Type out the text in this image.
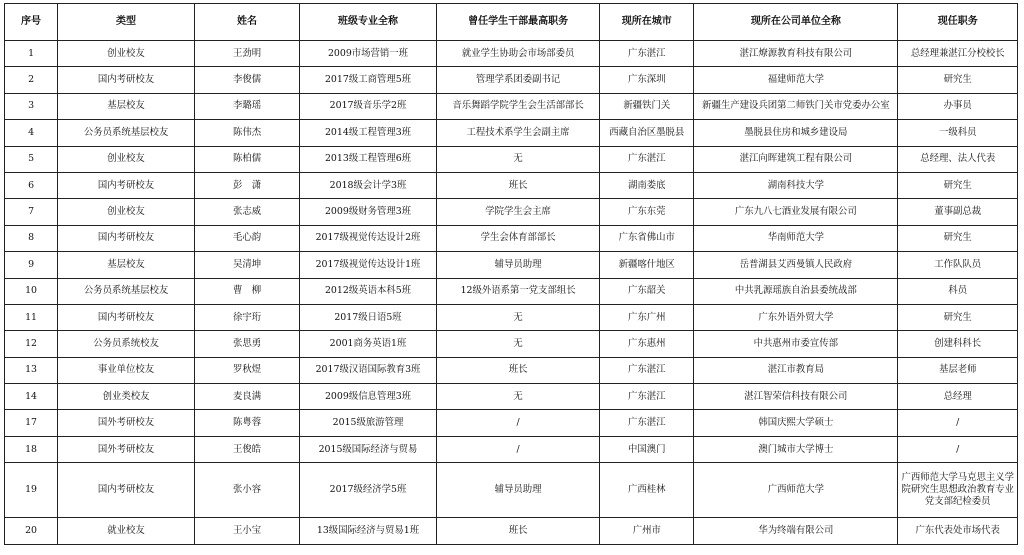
序号	类型	姓名	班级专业全称	曾任学生干部最高职务	现所在城市	现所在公司单位全称	现任职务
1	创业校友	王劲明	2009市场营销一班	就业学生协助会市场部委员	广东湛江	湛江燎源教育科技有限公司	总经理兼湛江分校校长
2	国内考研校友	李俊儒	2017级工商管理5班	管理学系团委副书记	广东深圳	福建师范大学	研究生
3	基层校友	李璐瑶	2017级音乐学2班	音乐舞蹈学院学生会生活部部长	新疆铁门关	新疆生产建设兵团第二师铁门关市党委办公室	办事员
4	公务员系统基层校友	陈伟杰	2014级工程管理3班	工程技术系学生会副主席	西藏自治区墨脱县	墨脱县住房和城乡建设局	一级科员
5	创业校友	陈柏儒	2013级工程管理6班	无	广东湛江	湛江向晖建筑工程有限公司	总经理、法人代表
6	国内考研校友	彭　潇	2018级会计学3班	班长	湖南娄底	湖南科技大学	研究生
7	创业校友	张志威	2009级财务管理3班	学院学生会主席	广东东莞	广东九八七酒业发展有限公司	董事副总裁
8	国内考研校友	毛心韵	2017级视觉传达设计2班	学生会体育部部长	广东省佛山市	华南师范大学	研究生
9	基层校友	吴清坤	2017级视觉传达设计1班	辅导员助理	新疆喀什地区	岳普湖县艾西曼镇人民政府	工作队队员
10	公务员系统基层校友	曹　柳	2012级英语本科5班	12级外语系第一党支部组长	广东韶关	中共乳源瑶族自治县委统战部	科员
11	国内考研校友	徐宇珩	2017级日语5班	无	广东广州	广东外语外贸大学	研究生
12	公务员系统校友	张思勇	2001商务英语1班	无	广东惠州	中共惠州市委宣传部	创建科科长
13	事业单位校友	罗秋煜	2017级汉语国际教育3班	班长	广东湛江	湛江市教育局	基层老师
14	创业类校友	麦良满	2009级信息管理3班	无	广东湛江	湛江智荣信科技有限公司	总经理
17	国外考研校友	陈粤蓉	2015级旅游管理	/	广东湛江	韩国庆熙大学硕士	/
18	国外考研校友	王俊皓	2015级国际经济与贸易	/	中国澳门	澳门城市大学博士	/
19	国内考研校友	张小容	2017级经济学5班	辅导员助理	广西桂林	广西师范大学	广西师范大学马克思主义学院研究生思想政治教育专业党支部纪检委员
20	就业校友	王小宝	13级国际经济与贸易1班	班长	广州市	华为终端有限公司	广东代表处市场代表
